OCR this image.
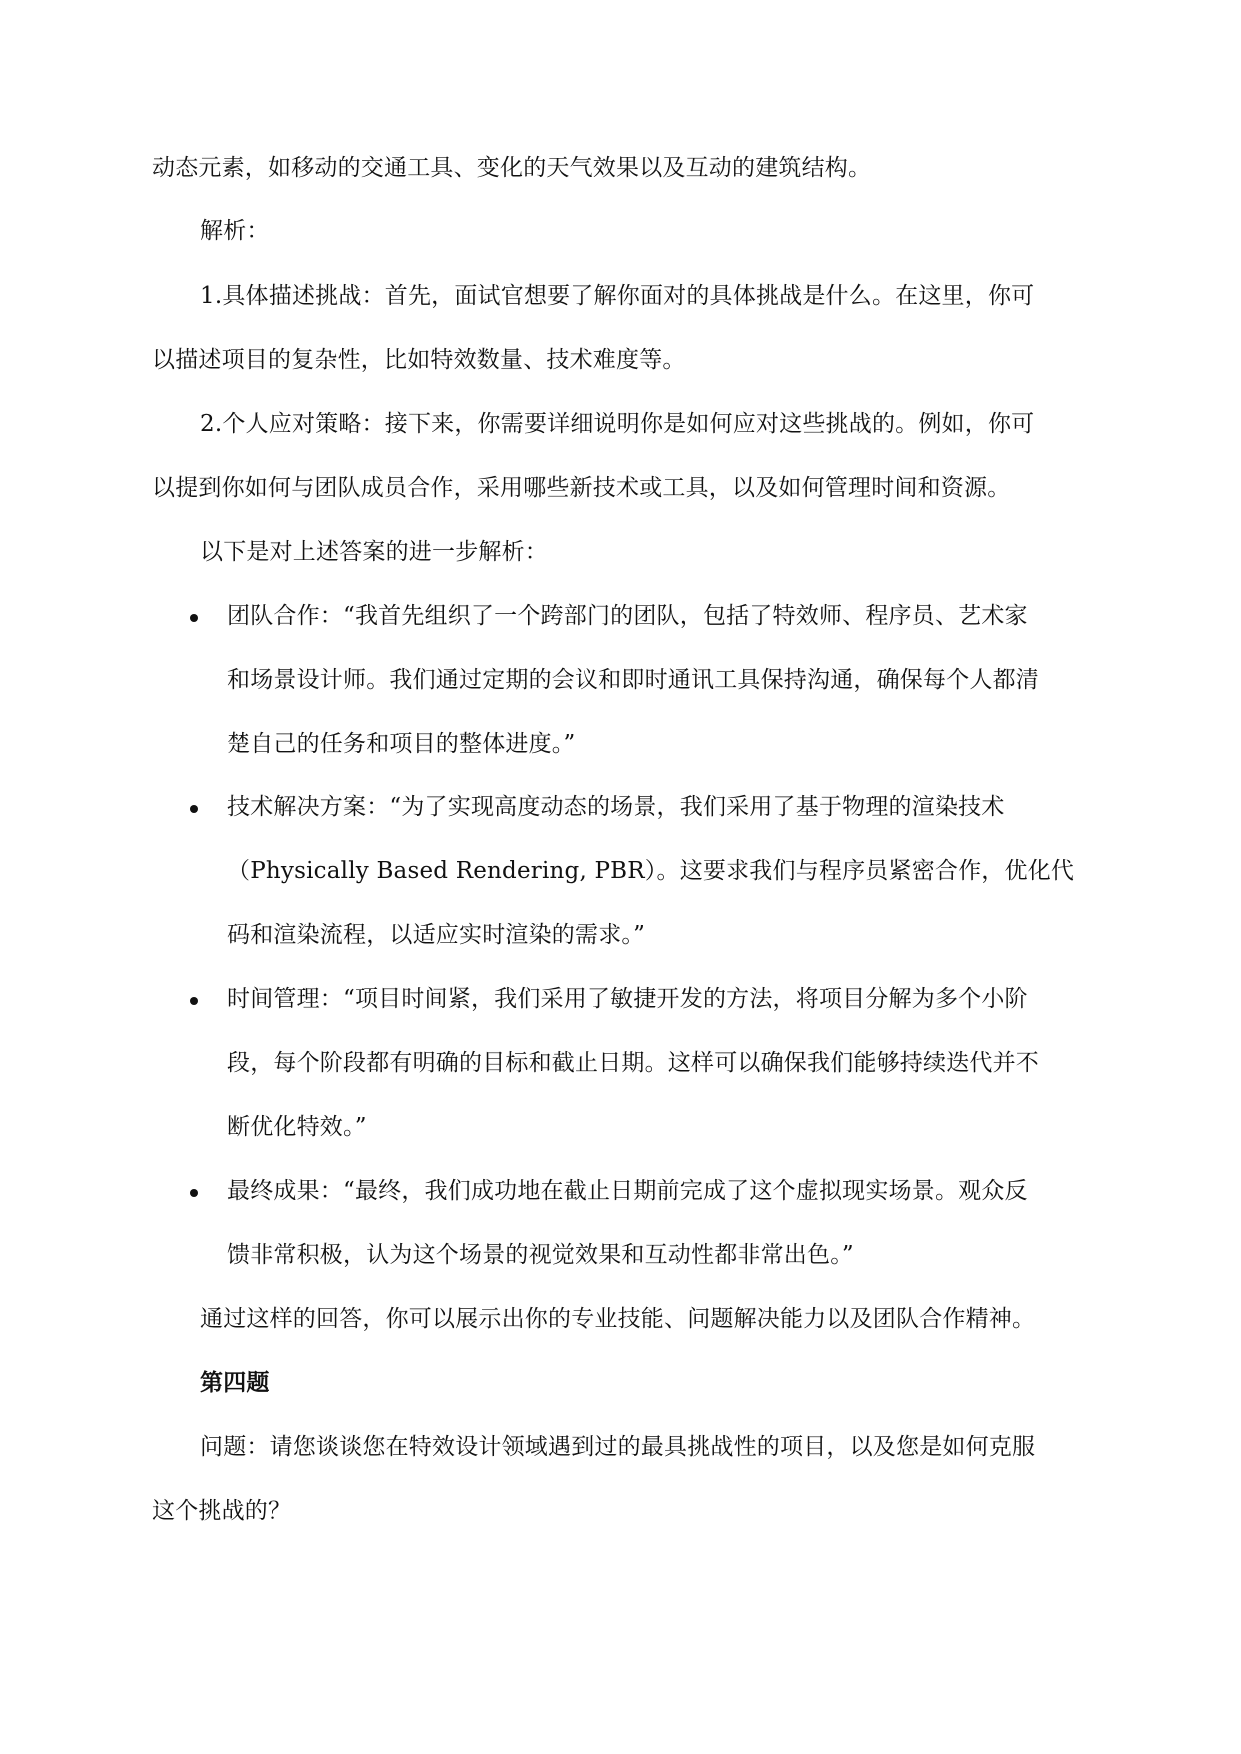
动态元素，如移动的交通工具、变化的天气效果以及互动的建筑结构。
解析：
1.具体描述挑战：首先，面试官想要了解你面对的具体挑战是什么。在这里，你可
以描述项目的复杂性，比如特效数量、技术难度等。
2.个人应对策略：接下来，你需要详细说明你是如何应对这些挑战的。例如，你可
以提到你如何与团队成员合作，采用哪些新技术或工具，以及如何管理时间和资源。
以下是对上述答案的进一步解析：
团队合作：“我首先组织了一个跨部门的团队，包括了特效师、程序员、艺术家
和场景设计师。我们通过定期的会议和即时通讯工具保持沟通，确保每个人都清
楚自己的任务和项目的整体进度。”
技术解决方案：“为了实现高度动态的场景，我们采用了基于物理的渲染技术
（Physically Based Rendering, PBR）。这要求我们与程序员紧密合作，优化代
码和渲染流程，以适应实时渲染的需求。”
时间管理：“项目时间紧，我们采用了敏捷开发的方法，将项目分解为多个小阶
段，每个阶段都有明确的目标和截止日期。这样可以确保我们能够持续迭代并不
断优化特效。”
最终成果：“最终，我们成功地在截止日期前完成了这个虚拟现实场景。观众反
馈非常积极，认为这个场景的视觉效果和互动性都非常出色。”
通过这样的回答，你可以展示出你的专业技能、问题解决能力以及团队合作精神。
第四题
问题：请您谈谈您在特效设计领域遇到过的最具挑战性的项目，以及您是如何克服
这个挑战的？
